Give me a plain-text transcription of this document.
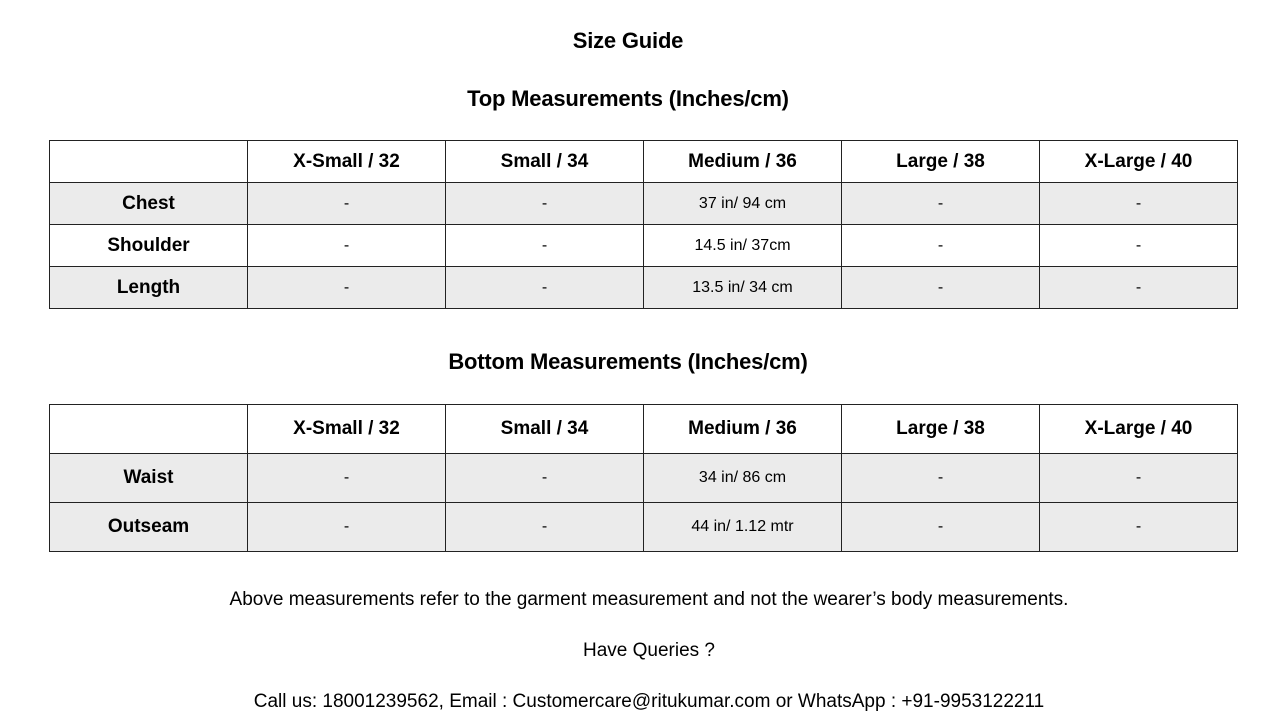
Size Guide
Top Measurements (Inches/cm)
	X-Small / 32	Small / 34	Medium / 36	Large / 38	X-Large / 40
Chest	-	-	37 in/ 94 cm	-	-
Shoulder	-	-	14.5 in/ 37cm	-	-
Length	-	-	13.5 in/ 34 cm	-	-
Bottom Measurements (Inches/cm)
	X-Small / 32	Small / 34	Medium / 36	Large / 38	X-Large / 40
Waist	-	-	34 in/ 86 cm	-	-
Outseam	-	-	44 in/ 1.12 mtr	-	-
Above measurements refer to the garment measurement and not the wearer’s body measurements.
Have Queries ?
Call us: 18001239562, Email : Customercare@ritukumar.com or WhatsApp : +91-9953122211
